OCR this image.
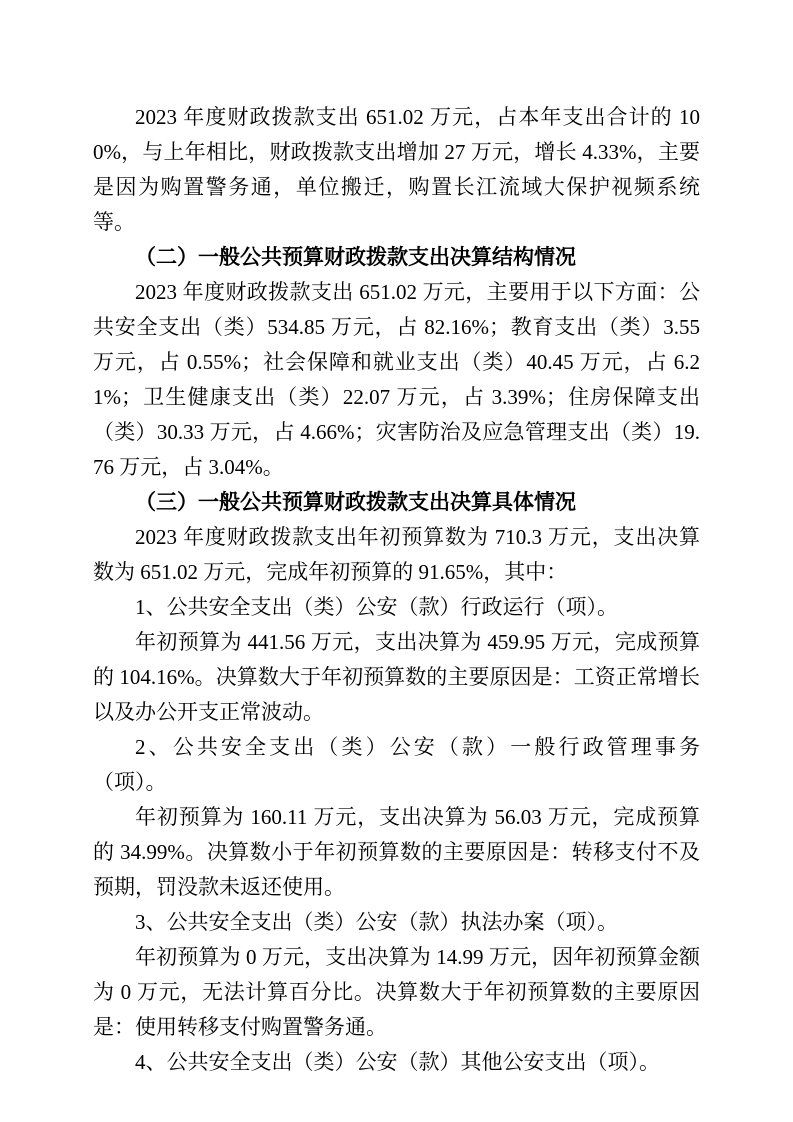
2023 年度财政拨款支出 651.02 万元，占本年支出合计的 100%，与上年相比，财政拨款支出增加 27 万元，增长 4.33%，主要是因为购置警务通，单位搬迁，购置长江流域大保护视频系统等。

（二）一般公共预算财政拨款支出决算结构情况

2023 年度财政拨款支出 651.02 万元，主要用于以下方面：公共安全支出（类）534.85 万元，占 82.16%；教育支出（类）3.55 万元，占 0.55%；社会保障和就业支出（类）40.45 万元，占 6.21%；卫生健康支出（类）22.07 万元，占 3.39%；住房保障支出（类）30.33 万元，占 4.66%；灾害防治及应急管理支出（类）19.76 万元，占 3.04%。

（三）一般公共预算财政拨款支出决算具体情况

2023 年度财政拨款支出年初预算数为 710.3 万元，支出决算数为 651.02 万元，完成年初预算的 91.65%，其中：

1、公共安全支出（类）公安（款）行政运行（项）。

年初预算为 441.56 万元，支出决算为 459.95 万元，完成预算的 104.16%。决算数大于年初预算数的主要原因是：工资正常增长以及办公开支正常波动。

2、公共安全支出（类）公安（款）一般行政管理事务（项）。

年初预算为 160.11 万元，支出决算为 56.03 万元，完成预算的 34.99%。决算数小于年初预算数的主要原因是：转移支付不及预期，罚没款未返还使用。

3、公共安全支出（类）公安（款）执法办案（项）。

年初预算为 0 万元，支出决算为 14.99 万元，因年初预算金额为 0 万元，无法计算百分比。决算数大于年初预算数的主要原因是：使用转移支付购置警务通。

4、公共安全支出（类）公安（款）其他公安支出（项）。
